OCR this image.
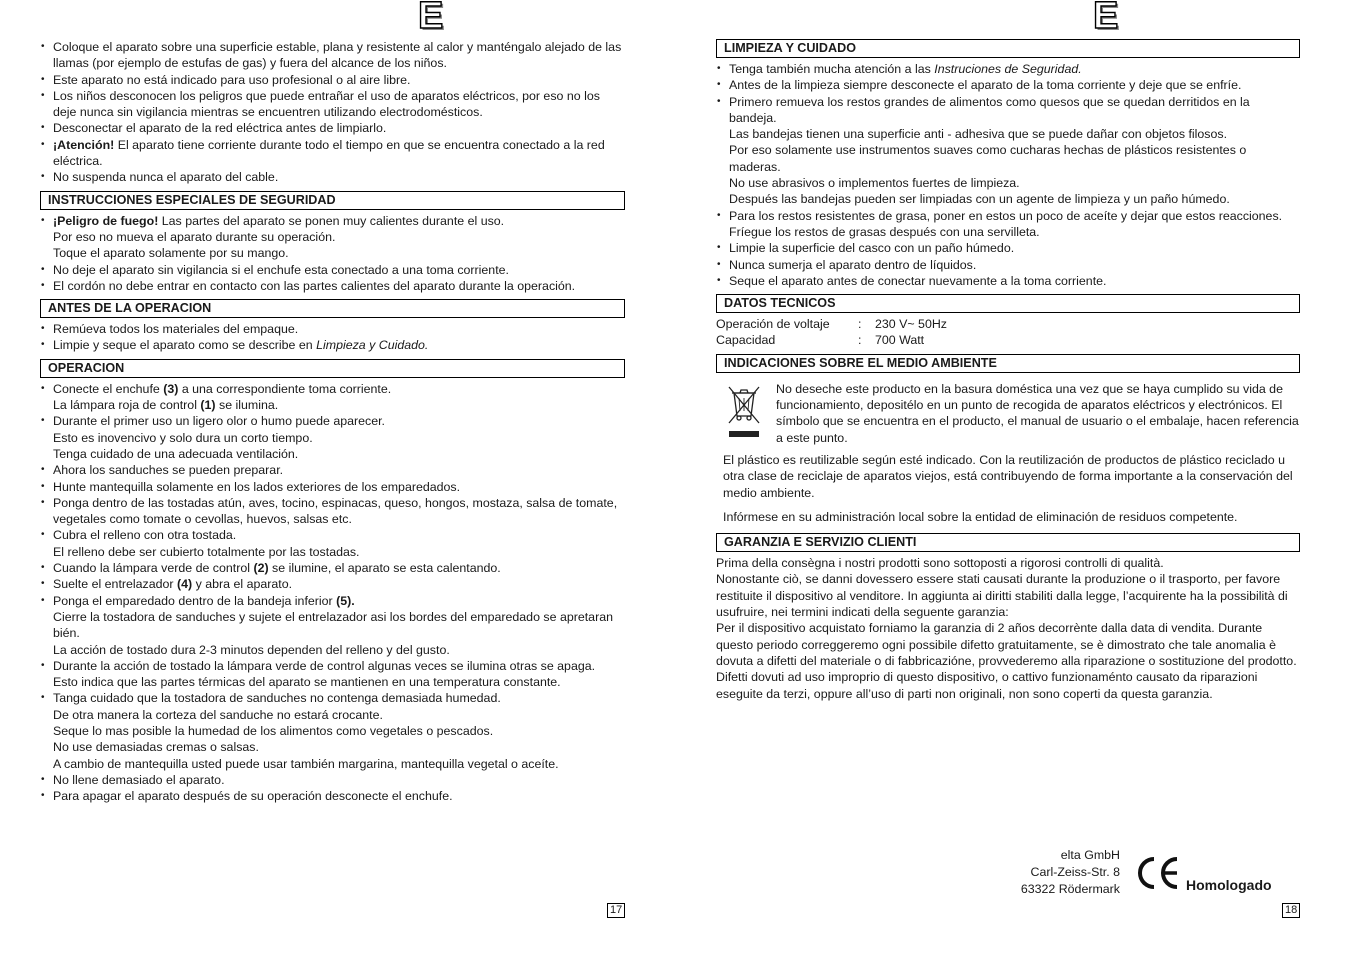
E
• Coloque el aparato sobre una superficie estable, plana y resistente al calor y manténgalo alejado de las llamas (por ejemplo de estufas de gas) y fuera del alcance de los niños.
• Este aparato no está indicado para uso profesional o al aire libre.
• Los niños desconocen los peligros que puede entrañar el uso de aparatos eléctricos, por eso no los deje nunca sin vigilancia mientras se encuentren utilizando electrodomésticos.
• Desconectar el aparato de la red eléctrica antes de limpiarlo.
• ¡Atención! El aparato tiene corriente durante todo el tiempo en que se encuentra conectado a la red eléctrica.
• No suspenda nunca el aparato del cable.
INSTRUCCIONES ESPECIALES DE SEGURIDAD
• ¡Peligro de fuego! Las partes del aparato se ponen muy calientes durante el uso.
Por eso no mueva el aparato durante su operación.
Toque el aparato solamente por su mango.
• No deje el aparato sin vigilancia si el enchufe esta conectado a una toma corriente.
• El cordón no debe entrar en contacto con las partes calientes del aparato durante la operación.
ANTES DE LA OPERACION
• Remúeva todos los materiales del empaque.
• Limpie y seque el aparato como se describe en Limpieza y Cuidado.
OPERACION
• Conecte el enchufe (3) a una correspondiente toma corriente.
La lámpara roja de control (1) se ilumina.
• Durante el primer uso un ligero olor o humo puede aparecer.
Esto es inovencivo y solo dura un corto tiempo.
Tenga cuidado de una adecuada ventilación.
• Ahora los sanduches se pueden preparar.
• Hunte mantequilla solamente en los lados exteriores de los emparedados.
• Ponga dentro de las tostadas atún, aves, tocino, espinacas, queso, hongos, mostaza, salsa de tomate, vegetales como tomate o cevollas, huevos, salsas etc.
• Cubra el relleno con otra tostada.
El relleno debe ser cubierto totalmente por las tostadas.
• Cuando la lámpara verde de control (2) se ilumine, el aparato se esta calentando.
• Suelte el entrelazador (4) y abra el aparato.
• Ponga el emparedado dentro de la bandeja inferior (5).
Cierre la tostadora de sanduches y sujete el entrelazador asi los bordes del emparedado se apretaran bién.
La acción de tostado dura 2-3 minutos dependen del relleno y del gusto.
• Durante la acción de tostado la lámpara verde de control algunas veces se ilumina otras se apaga.
Esto indica que las partes térmicas del aparato se mantienen en una temperatura constante.
• Tanga cuidado que la tostadora de sanduches no contenga demasiada humedad.
De otra manera la corteza del sanduche no estará crocante.
Seque lo mas posible la humedad de los alimentos como vegetales o pescados.
No use demasiadas cremas o salsas.
A cambio de mantequilla usted puede usar también margarina, mantequilla vegetal o aceíte.
• No llene demasiado el aparato.
• Para apagar el aparato después de su operación desconecte el enchufe.
17
E
LIMPIEZA Y CUIDADO
• Tenga también mucha atención a las Instruciones de Seguridad.
• Antes de la limpieza siempre desconecte el aparato de la toma corriente y deje que se enfríe.
• Primero remueva los restos grandes de alimentos como quesos que se quedan derritidos en la bandeja.
Las bandejas tienen una superficie anti - adhesiva que se puede dañar con objetos filosos.
Por eso solamente use instrumentos suaves como cucharas hechas de plásticos resistentes o maderas.
No use abrasivos o implementos fuertes de limpieza.
Después las bandejas pueden ser limpiadas con un agente de limpieza y un paño húmedo.
• Para los restos resistentes de grasa, poner en estos un poco de aceíte y dejar que estos reacciones.
Fríegue los restos de grasas después con una servilleta.
• Limpie la superficie del casco con un paño húmedo.
• Nunca sumerja el aparato dentro de líquidos.
• Seque el aparato antes de conectar nuevamente a la toma corriente.
DATOS TECNICOS
Operación de voltaje	:	230 V~ 50Hz
Capacidad	:	700 Watt
INDICACIONES SOBRE EL MEDIO AMBIENTE
No deseche este producto en la basura doméstica una vez que se haya cumplido su vida de funcionamiento, depositélo en un punto de recogida de aparatos eléctricos y electrónicos. El símbolo que se encuentra en el producto, el manual de usuario o el embalaje, hacen referencia a este punto.

El plástico es reutilizable según esté indicado. Con la reutilización de productos de plástico reciclado u otra clase de reciclaje de aparatos viejos, está contribuyendo de forma importante a la conservación del medio ambiente.

Infórmese en su administración local sobre la entidad de eliminación de residuos competente.

GARANZIA E SERVIZIO CLIENTI

Prima della consègna i nostri prodotti sono sottoposti a rigorosi controlli di qualità.

Nonostante ciò, se danni dovessero essere stati causati durante la produzione o il trasporto, per favore restituite il dispositivo al venditore. In aggiunta ai diritti stabiliti dalla legge, l’acquirente ha la possibilità di usufruire, nei termini indicati della seguente garanzia:

Per il dispositivo acquistato forniamo la garanzia di 2 años decorrènte dalla data di vendita. Durante questo periodo correggeremo ogni possibile difetto gratuitamente, se è dimostrato che tale anomalia è dovuta a difetti del materiale o di fabbricazióne, provvederemo alla riparazione o sostituzione del prodotto.

Difetti dovuti ad uso improprio di questo dispositivo, o cattivo funzionaménto causato da riparazioni eseguite da terzi, oppure all’uso di parti non originali, non sono coperti da questa garanzia.

elta GmbH
Carl-Zeiss-Str. 8
63322 Rödermark	Homologado
18
